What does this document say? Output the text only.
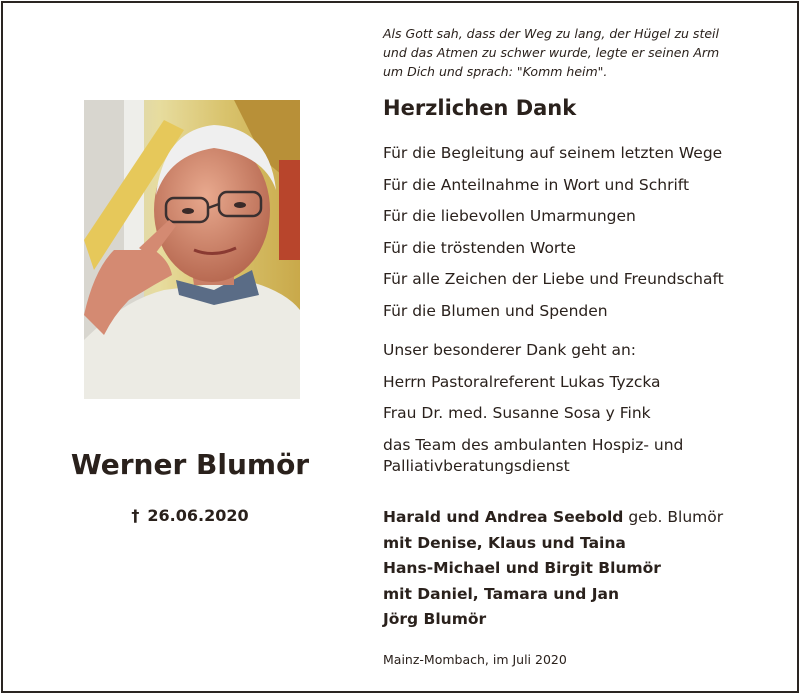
Werner Blumör
† 26.06.2020
Als Gott sah, dass der Weg zu lang, der Hügel zu steil
und das Atmen zu schwer wurde, legte er seinen Arm
um Dich und sprach: "Komm heim".
Herzlichen Dank
Für die Begleitung auf seinem letzten Wege
Für die Anteilnahme in Wort und Schrift
Für die liebevollen Umarmungen
Für die tröstenden Worte
Für alle Zeichen der Liebe und Freundschaft
Für die Blumen und Spenden
Unser besonderer Dank geht an:
Herrn Pastoralreferent Lukas Tyzcka
Frau Dr. med. Susanne Sosa y Fink
das Team des ambulanten Hospiz- und
Palliativberatungsdienst
Harald und Andrea Seebold geb. Blumör
mit Denise, Klaus und Taina
Hans-Michael und Birgit Blumör
mit Daniel, Tamara und Jan
Jörg Blumör
Mainz-Mombach, im Juli 2020
